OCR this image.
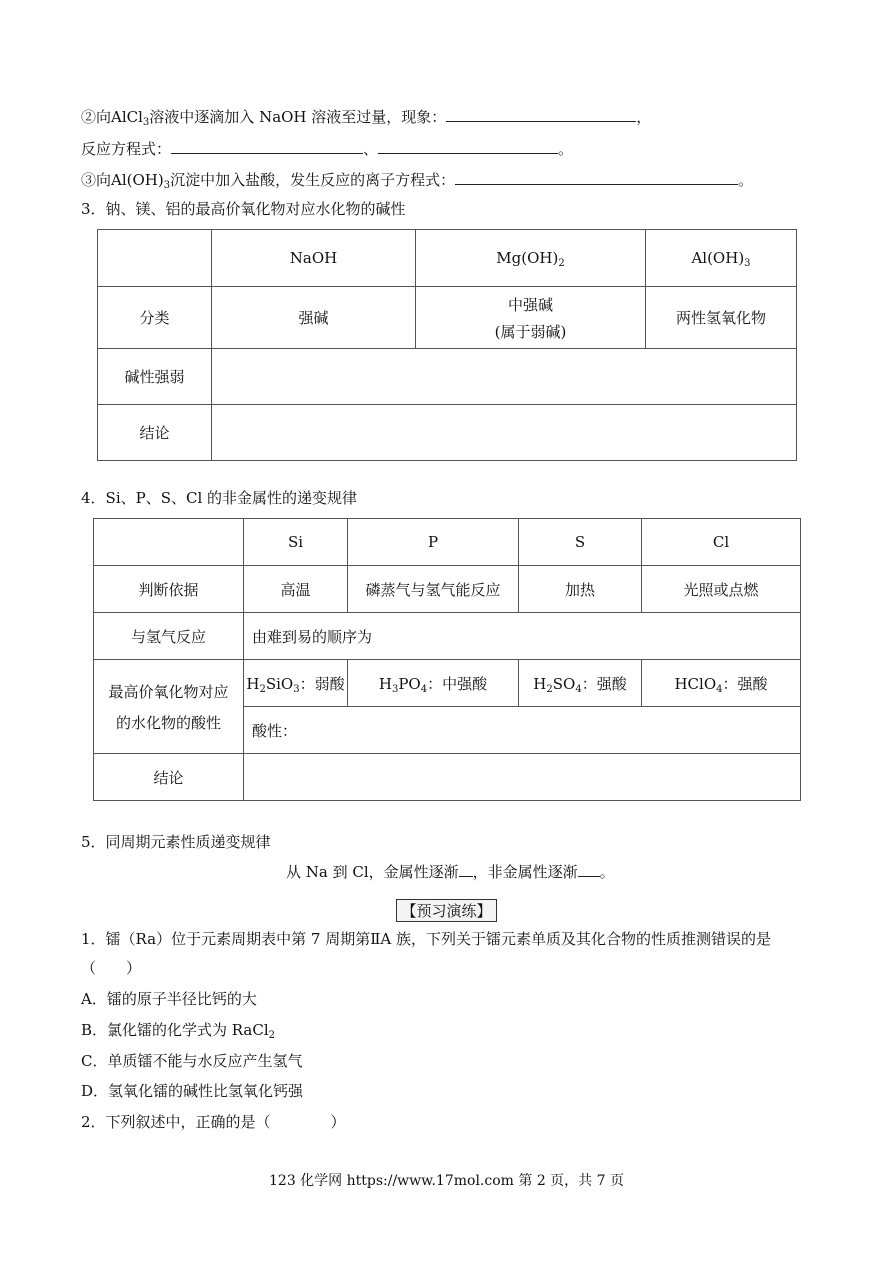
②向AlCl$_3$溶液中逐滴加入 NaOH 溶液至过量，现象：	，
反应方程式：	、	。
③向$Al(OH)_3$沉淀中加入盐酸，发生反应的离子方程式：	。
3．钠、镁、铝的最高价氧化物对应水化物的碱性
	NaOH	$Mg(OH)_2$	$Al(OH)_3$
分类	强碱	中强碱
(属于弱碱)	两性氢氧化物
碱性强弱			
结论			
4．Si、P、S、Cl 的非金属性的递变规律
	Si	P	S	Cl
判断依据	高温	磷蒸气与氢气能反应	加热	光照或点燃
与氢气反应	由难到易的顺序为			

最高价氧化物对应
的水化物的酸性	$H_2SiO_3$：弱酸	$H_3PO_4$：中强酸	$H_2SO_4$：强酸	HClO$_4$：强酸
	酸性：			
结论				
5．同周期元素性质递变规律
从 Na 到 Cl，金属性逐渐 ，非金属性逐渐 。
【预习演练】
1．镭（Ra）位于元素周期表中第 7 周期第ⅡA 族，下列关于镭元素单质及其化合物的性质推测错误的是
（　　）
A．镭的原子半径比钙的大
B．氯化镭的化学式为 RaCl$_2$
C．单质镭不能与水反应产生氢气
D．氢氧化镭的碱性比氢氧化钙强
2．下列叙述中，正确的是（　　　　）
123 化学网 https://www.17mol.com 第 2 页，共 7 页
